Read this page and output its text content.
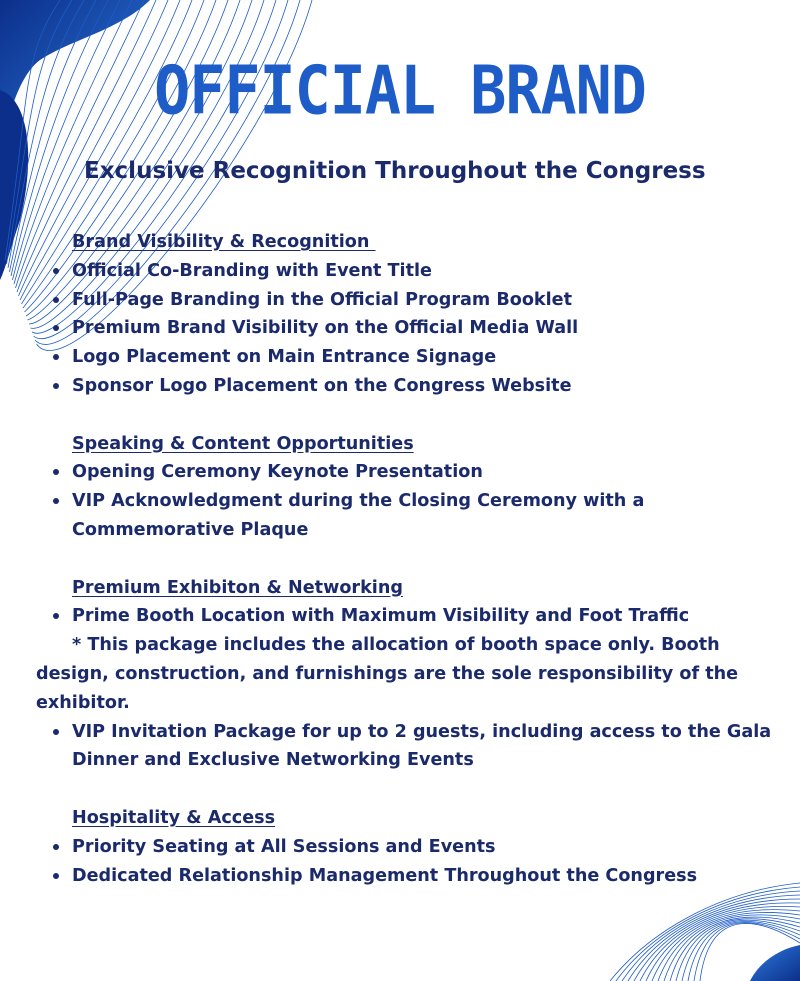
OFFICIAL BRAND
Exclusive Recognition Throughout the Congress

Brand Visibility & Recognition

Official Co-Branding with Event Title
Full-Page Branding in the Official Program Booklet
Premium Brand Visibility on the Official Media Wall
Logo Placement on Main Entrance Signage
Sponsor Logo Placement on the Congress Website

Speaking & Content Opportunities

Opening Ceremony Keynote Presentation
VIP Acknowledgment during the Closing Ceremony with a Commemorative Plaque

Premium Exhibiton & Networking

Prime Booth Location with Maximum Visibility and Foot Traffic

* This package includes the allocation of booth space only. Booth design, construction, and furnishings are the sole responsibility of the exhibitor.

VIP Invitation Package for up to 2 guests, including access to the Gala Dinner and Exclusive Networking Events

Hospitality & Access

Priority Seating at All Sessions and Events
Dedicated Relationship Management Throughout the Congress
